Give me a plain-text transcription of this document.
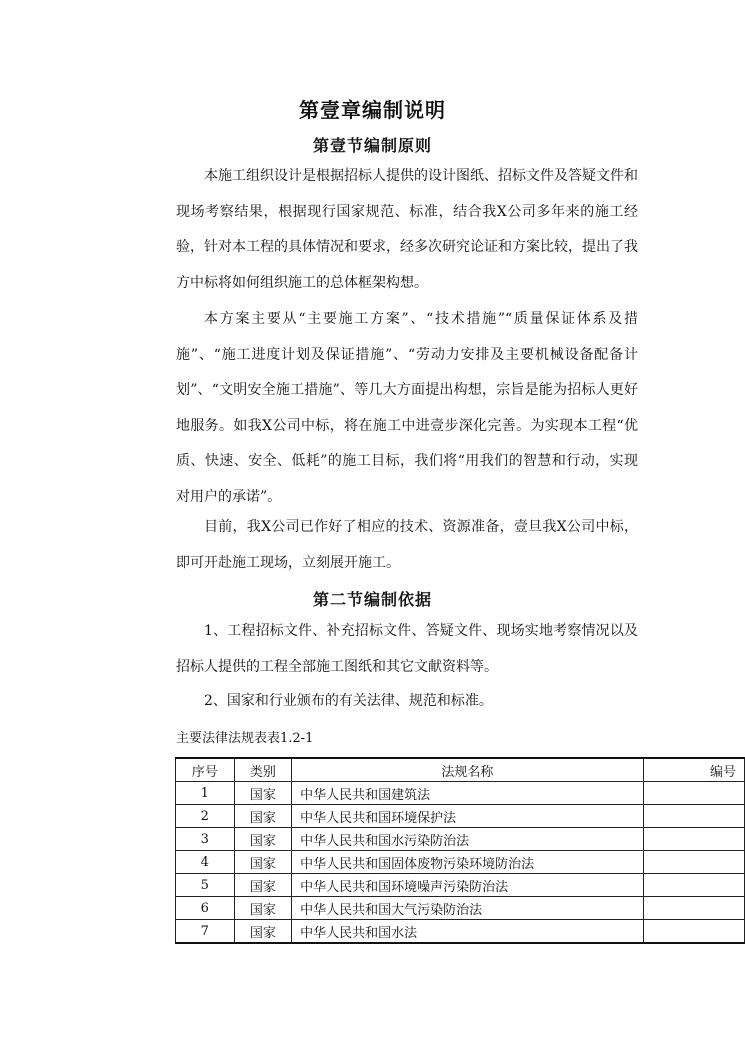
第壹章编制说明
第壹节编制原则

本施工组织设计是根据招标人提供的设计图纸、招标文件及答疑文件和现场考察结果，根据现行国家规范、标准，结合我X公司多年来的施工经验，针对本工程的具体情况和要求，经多次研究论证和方案比较，提出了我方中标将如何组织施工的总体框架构想。

本方案主要从“主要施工方案”、“技术措施”“质量保证体系及措施”、“施工进度计划及保证措施”、“劳动力安排及主要机械设备配备计划”、“文明安全施工措施”、等几大方面提出构想，宗旨是能为招标人更好地服务。如我X公司中标，将在施工中进壹步深化完善。为实现本工程“优质、快速、安全、低耗”的施工目标，我们将“用我们的智慧和行动，实现对用户的承诺”。

目前，我X公司已作好了相应的技术、资源准备，壹旦我X公司中标，即可开赴施工现场，立刻展开施工。

第二节编制依据

1、工程招标文件、补充招标文件、答疑文件、现场实地考察情况以及招标人提供的工程全部施工图纸和其它文献资料等。

2、国家和行业颁布的有关法律、规范和标准。

主要法律法规表表1.2-1
序号	类别	法规名称	编号
1	国家	中华人民共和国建筑法	
2	国家	中华人民共和国环境保护法	
3	国家	中华人民共和国水污染防治法	
4	国家	中华人民共和国固体废物污染环境防治法	
5	国家	中华人民共和国环境噪声污染防治法	
6	国家	中华人民共和国大气污染防治法	
7	国家	中华人民共和国水法	
